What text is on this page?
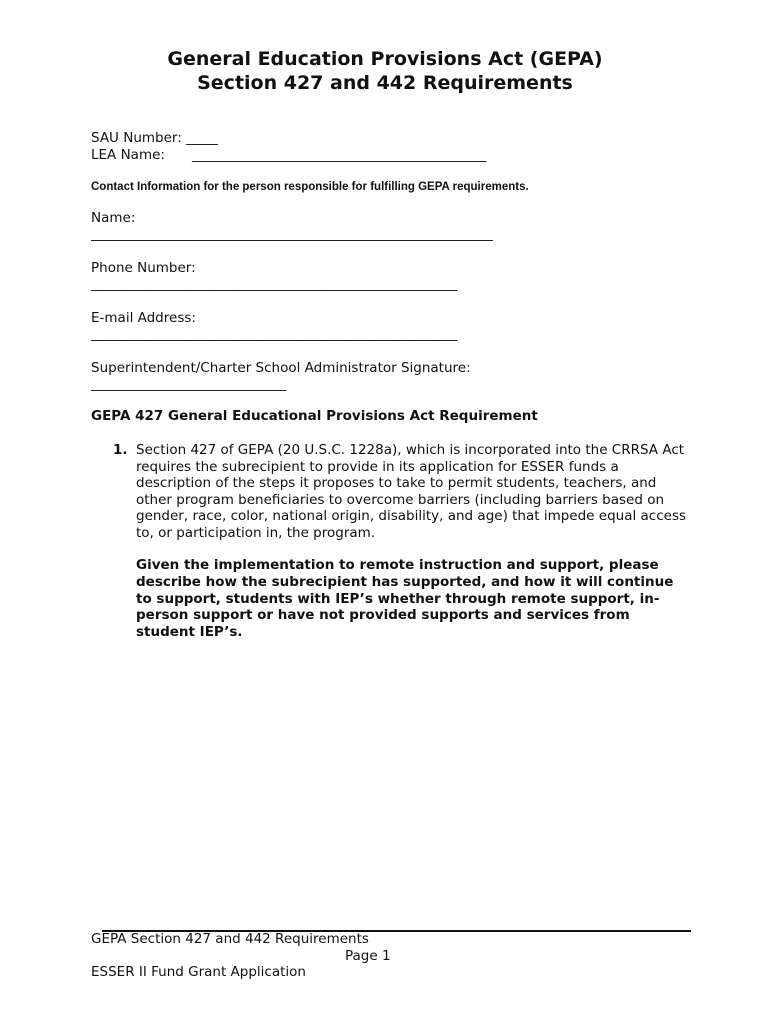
General Education Provisions Act (GEPA)
Section 427 and 442 Requirements
SAU Number: _____
LEA Name: _______________________________________________
Contact Information for the person responsible for fulfilling GEPA requirements.
Name:
____________________________________________________________________
Phone Number:
______________________________________________________________
E-mail Address:
______________________________________________________________
Superintendent/Charter School Administrator Signature:
_________________________________
GEPA 427 General Educational Provisions Act Requirement
1. Section 427 of GEPA (20 U.S.C. 1228a), which is incorporated into the CRRSA Act requires the subrecipient to provide in its application for ESSER funds a description of the steps it proposes to take to permit students, teachers, and other program beneficiaries to overcome barriers (including barriers based on gender, race, color, national origin, disability, and age) that impede equal access to, or participation in, the program.
Given the implementation to remote instruction and support, please describe how the subrecipient has supported, and how it will continue to support, students with IEP’s whether through remote support, in-person support or have not provided supports and services from student IEP’s.
GEPA Section 427 and 442 Requirements
Page 1
ESSER II Fund Grant Application
